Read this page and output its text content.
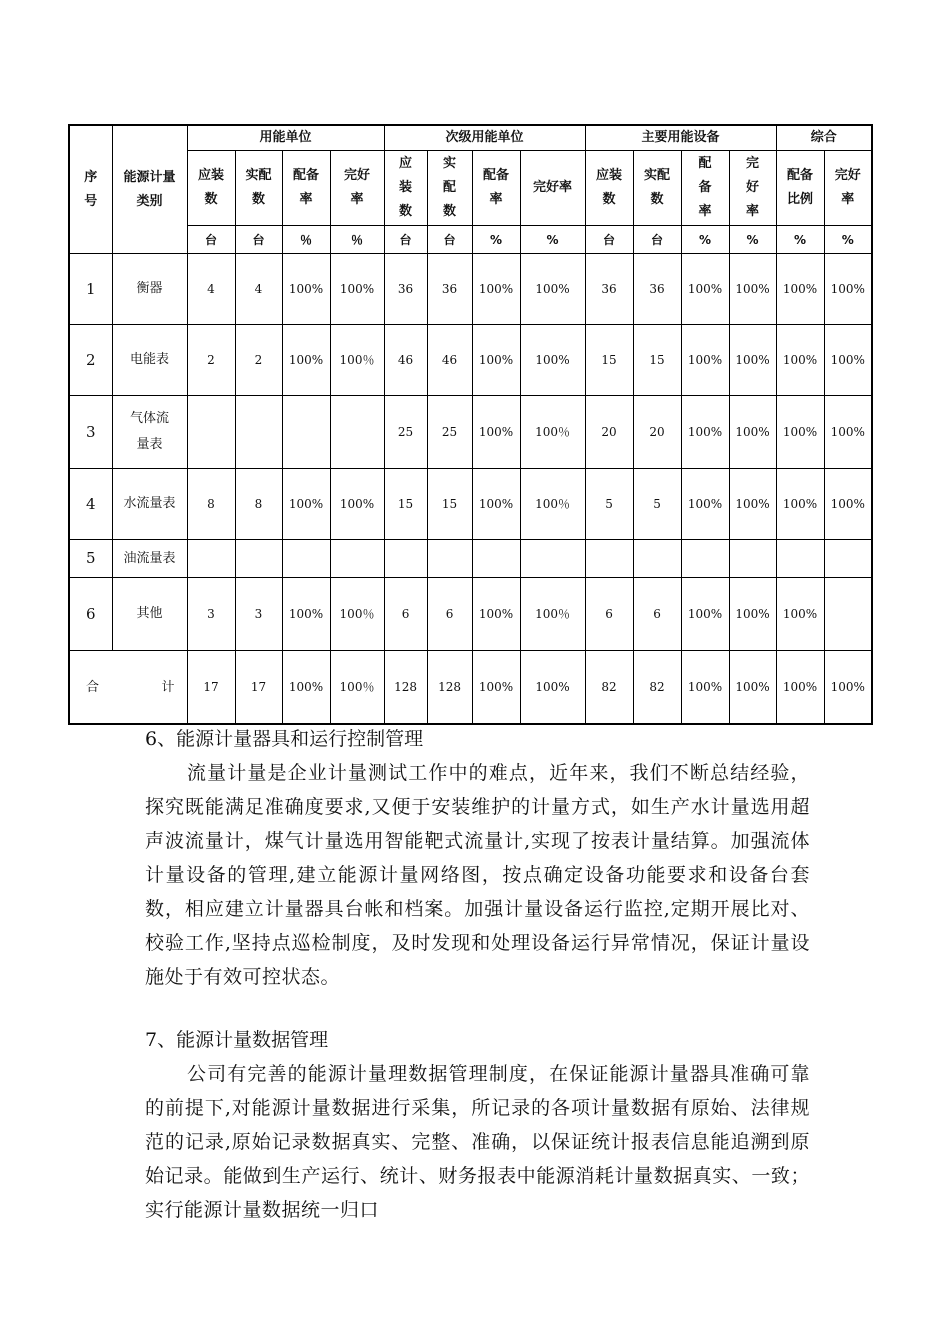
序号	能源计量类别	用能单位				次级用能单位				主要用能设备				综合	

		应装数	实配数	配备率	完好率	应装数	实配数	配备率	完好率	应装数	实配数	配备率	完好率	配备比例	完好率

		台	台	％	％	台	台	%	%	台	台	%	%	%	%
1	衡器	4	4	100%	100%	36	36	100%	100%	36	36	100%	100%	100%	100%
2	电能表	2	2	100%	100％	46	46	100%	100%	15	15	100%	100%	100%	100%
3	气体流量表					25	25	100%	100％	20	20	100%	100%	100%	100%
4	水流量表	8	8	100%	100%	15	15	100%	100％	5	5	100%	100%	100%	100%
5	油流量表														

6	其他	3	3	100%	100％	6	6	100%	100％	6	6	100%	100%	100%	

合 计		17	17	100%	100％	128	128	100%	100%	82	82	100%	100%	100%	100%
6、能源计量器具和运行控制管理

流量计量是企业计量测试工作中的难点，近年来，我们不断总结经验，探究既能满足准确度要求,又便于安装维护的计量方式，如生产水计量选用超声波流量计，煤气计量选用智能靶式流量计,实现了按表计量结算。加强流体计量设备的管理,建立能源计量网络图，按点确定设备功能要求和设备台套数，相应建立计量器具台帐和档案。加强计量设备运行监控,定期开展比对、校验工作,坚持点巡检制度，及时发现和处理设备运行异常情况，保证计量设施处于有效可控状态。

7、能源计量数据管理

公司有完善的能源计量理数据管理制度，在保证能源计量器具准确可靠的前提下,对能源计量数据进行采集，所记录的各项计量数据有原始、法律规范的记录,原始记录数据真实、完整、准确，以保证统计报表信息能追溯到原始记录。能做到生产运行、统计、财务报表中能源消耗计量数据真实、一致；实行能源计量数据统一归口
